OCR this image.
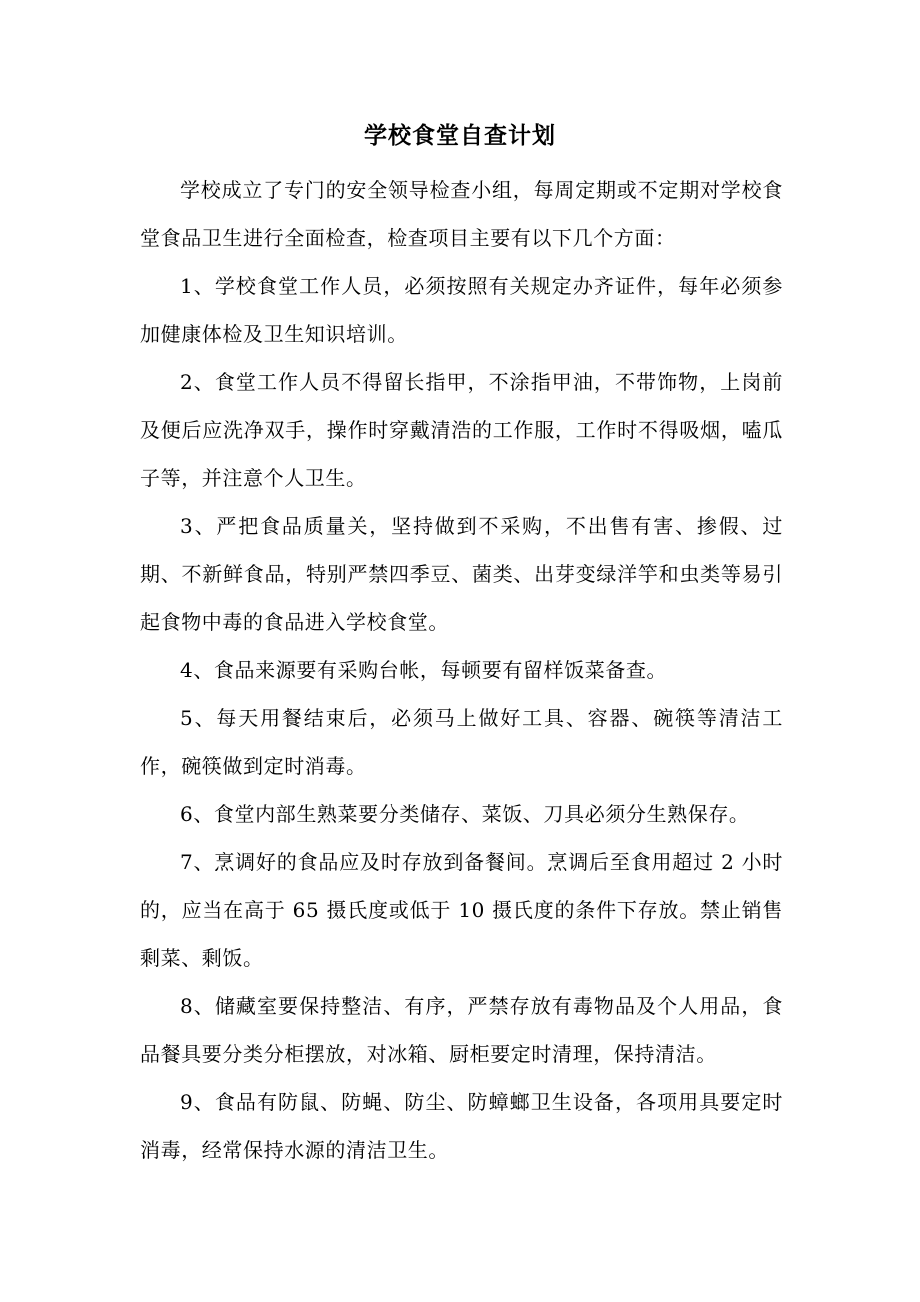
学校食堂自查计划

学校成立了专门的安全领导检查小组，每周定期或不定期对学校食堂食品卫生进行全面检查，检查项目主要有以下几个方面：

1、学校食堂工作人员，必须按照有关规定办齐证件，每年必须参加健康体检及卫生知识培训。

2、食堂工作人员不得留长指甲，不涂指甲油，不带饰物，上岗前及便后应洗净双手，操作时穿戴清浩的工作服，工作时不得吸烟，嗑瓜子等，并注意个人卫生。

3、严把食品质量关，坚持做到不采购，不出售有害、掺假、过期、不新鲜食品，特别严禁四季豆、菌类、出芽变绿洋竽和虫类等易引起食物中毒的食品进入学校食堂。

4、食品来源要有采购台帐，每顿要有留样饭菜备查。

5、每天用餐结束后，必须马上做好工具、容器、碗筷等清洁工作，碗筷做到定时消毒。

6、食堂内部生熟菜要分类储存、菜饭、刀具必须分生熟保存。

7、烹调好的食品应及时存放到备餐间。烹调后至食用超过 2 小时的，应当在高于 65 摄氏度或低于 10 摄氏度的条件下存放。禁止销售剩菜、剩饭。

8、储藏室要保持整洁、有序，严禁存放有毒物品及个人用品，食品餐具要分类分柜摆放，对冰箱、厨柜要定时清理，保持清洁。

9、食品有防鼠、防蝇、防尘、防蟑螂卫生设备，各项用具要定时消毒，经常保持水源的清洁卫生。
